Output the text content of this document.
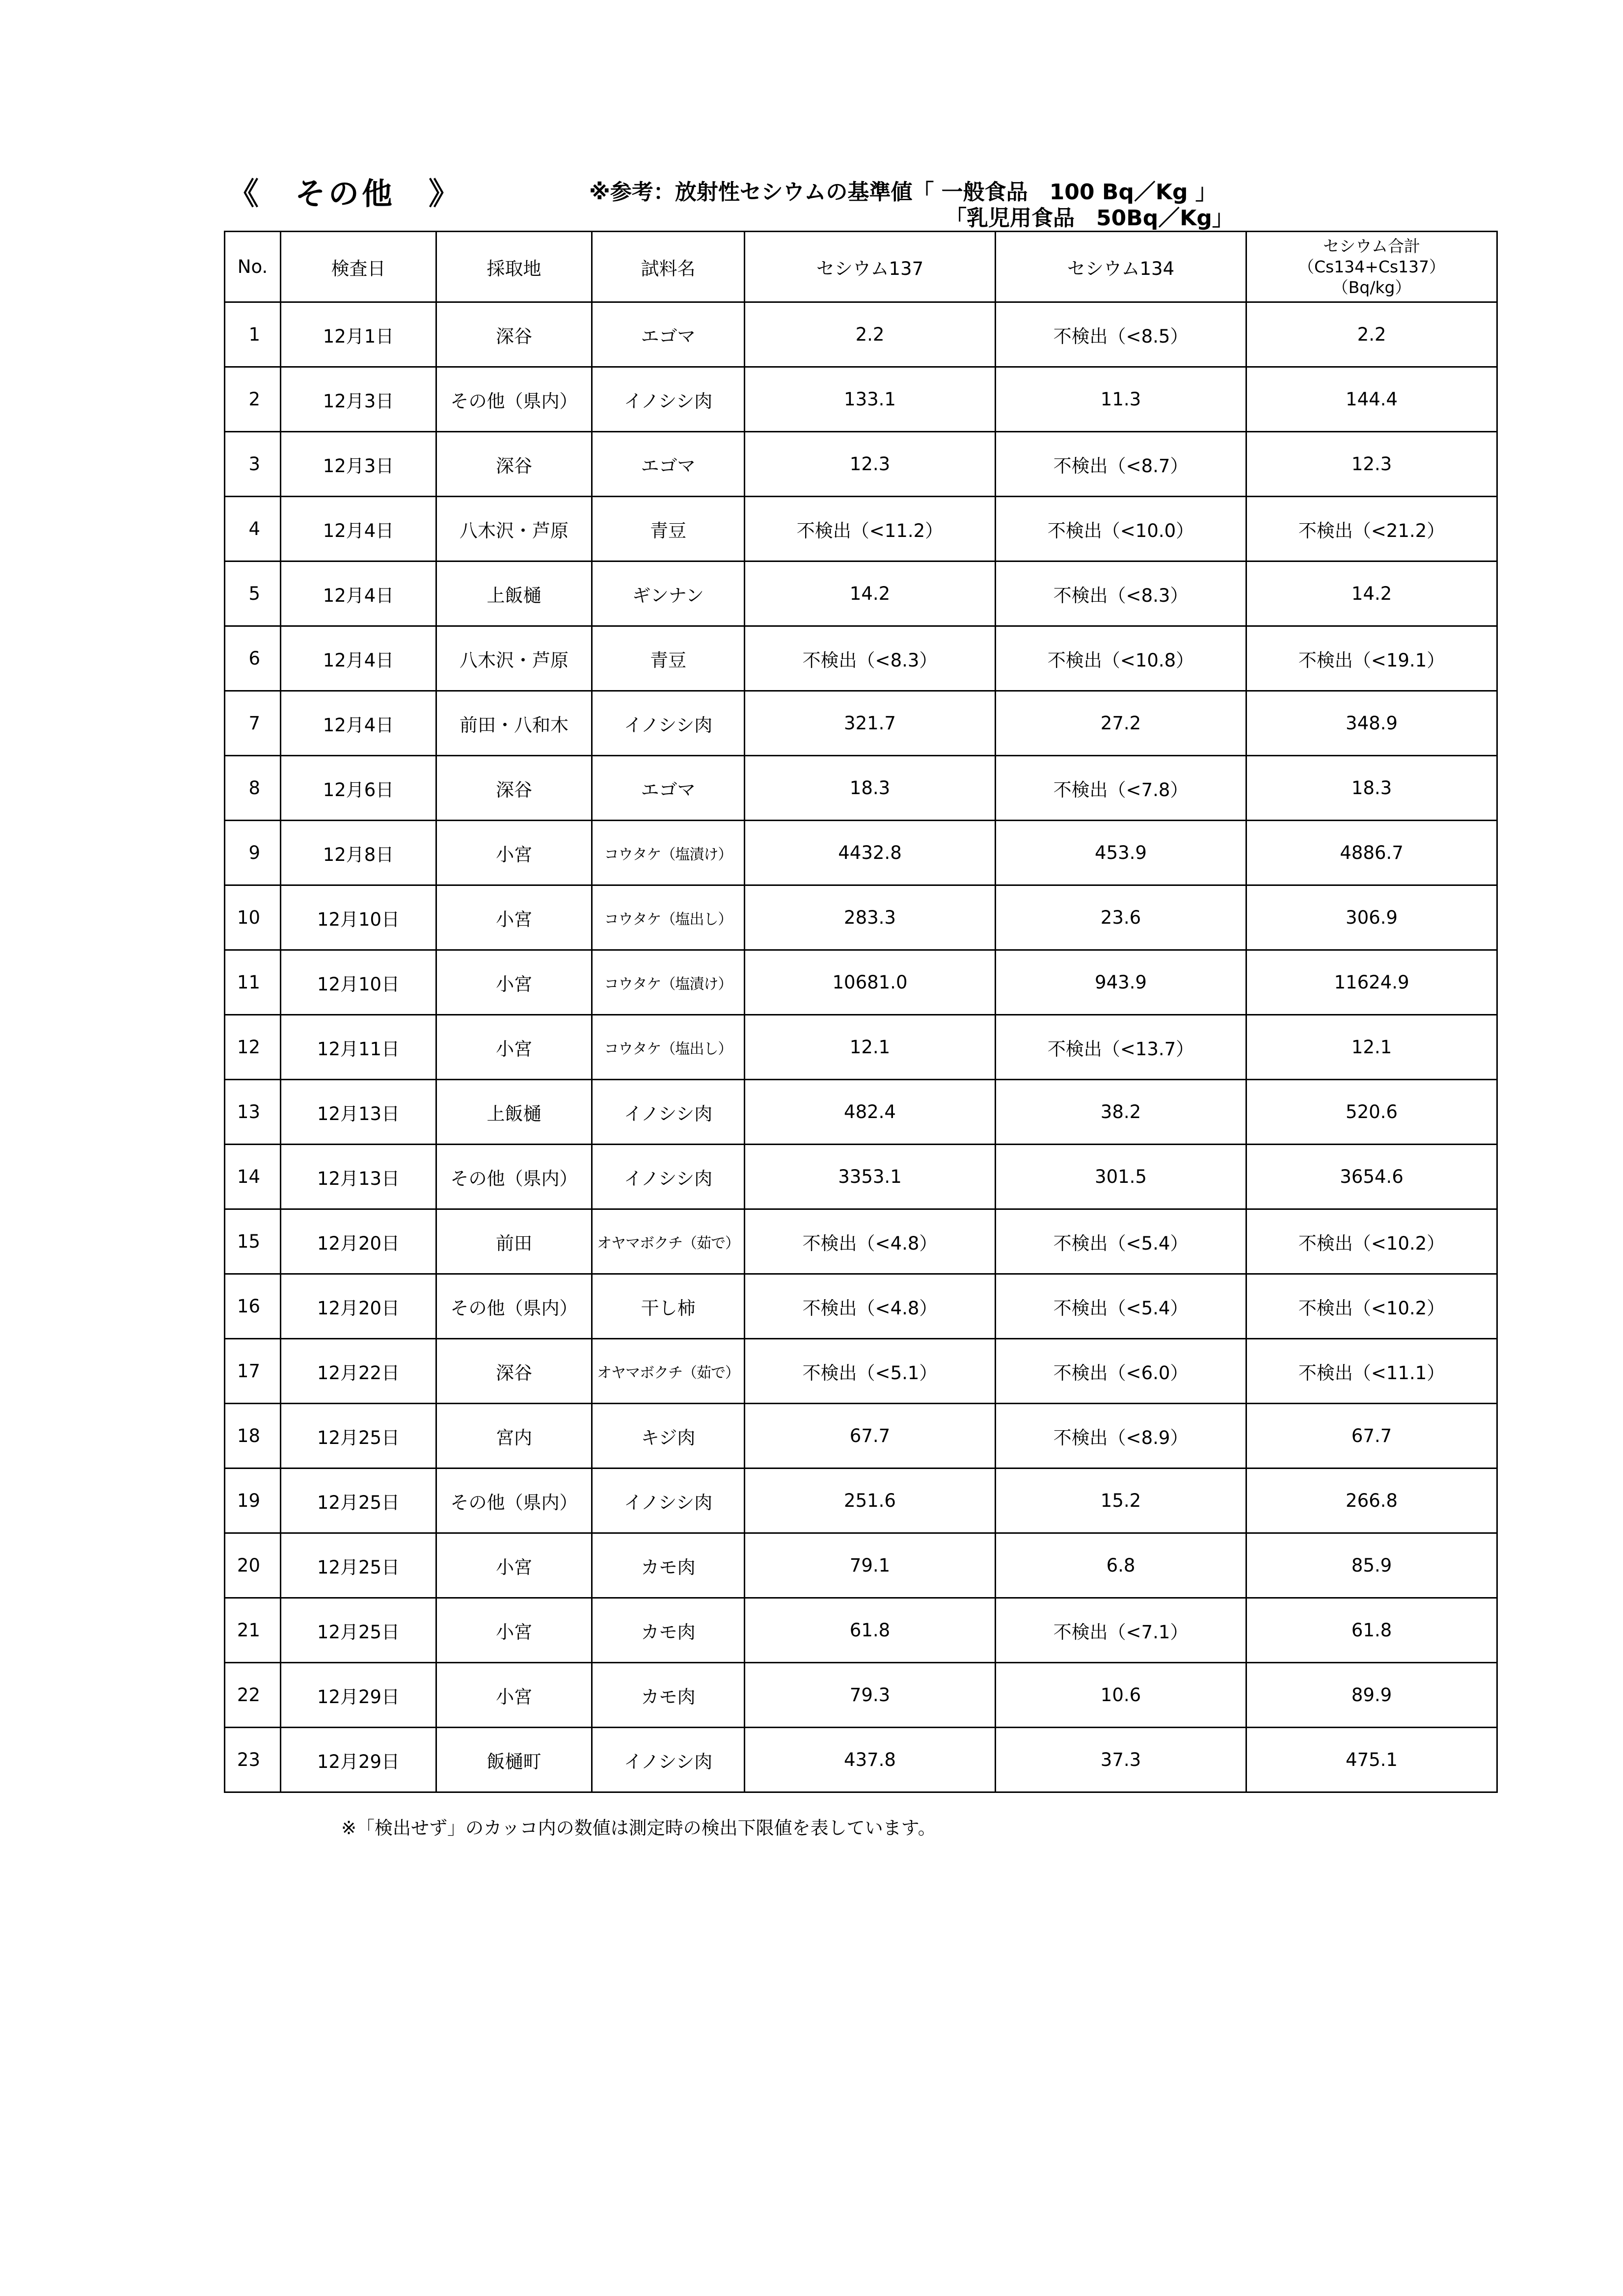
《　その他　》	※参考：放射性セシウムの基準値「 一般食品　100 Bq／Kg 」
「乳児用食品　50Bq／Kg」
No.	検査日	採取地	試料名	セシウム137	セシウム134	セシウム合計
（Cs134+Cs137）
（Bq/kg）

1	12月1日	深谷	エゴマ	2.2	不検出（<8.5）	2.2
2	12月3日	その他（県内）	イノシシ肉	133.1	11.3	144.4
3	12月3日	深谷	エゴマ	12.3	不検出（<8.7）	12.3
4	12月4日	八木沢・芦原	青豆	不検出（<11.2）	不検出（<10.0）	不検出（<21.2）
5	12月4日	上飯樋	ギンナン	14.2	不検出（<8.3）	14.2
6	12月4日	八木沢・芦原	青豆	不検出（<8.3）	不検出（<10.8）	不検出（<19.1）
7	12月4日	前田・八和木	イノシシ肉	321.7	27.2	348.9
8	12月6日	深谷	エゴマ	18.3	不検出（<7.8）	18.3
9	12月8日	小宮	コウタケ（塩漬け）	4432.8	453.9	4886.7
10	12月10日	小宮	コウタケ（塩出し）	283.3	23.6	306.9
11	12月10日	小宮	コウタケ（塩漬け）	10681.0	943.9	11624.9
12	12月11日	小宮	コウタケ（塩出し）	12.1	不検出（<13.7）	12.1
13	12月13日	上飯樋	イノシシ肉	482.4	38.2	520.6
14	12月13日	その他（県内）	イノシシ肉	3353.1	301.5	3654.6
15	12月20日	前田	オヤマボクチ（茹で）	不検出（<4.8）	不検出（<5.4）	不検出（<10.2）
16	12月20日	その他（県内）	干し柿	不検出（<4.8）	不検出（<5.4）	不検出（<10.2）
17	12月22日	深谷	オヤマボクチ（茹で）	不検出（<5.1）	不検出（<6.0）	不検出（<11.1）
18	12月25日	宮内	キジ肉	67.7	不検出（<8.9）	67.7
19	12月25日	その他（県内）	イノシシ肉	251.6	15.2	266.8
20	12月25日	小宮	カモ肉	79.1	6.8	85.9
21	12月25日	小宮	カモ肉	61.8	不検出（<7.1）	61.8
22	12月29日	小宮	カモ肉	79.3	10.6	89.9
23	12月29日	飯樋町	イノシシ肉	437.8	37.3	475.1
※「検出せず」のカッコ内の数値は測定時の検出下限値を表しています。
